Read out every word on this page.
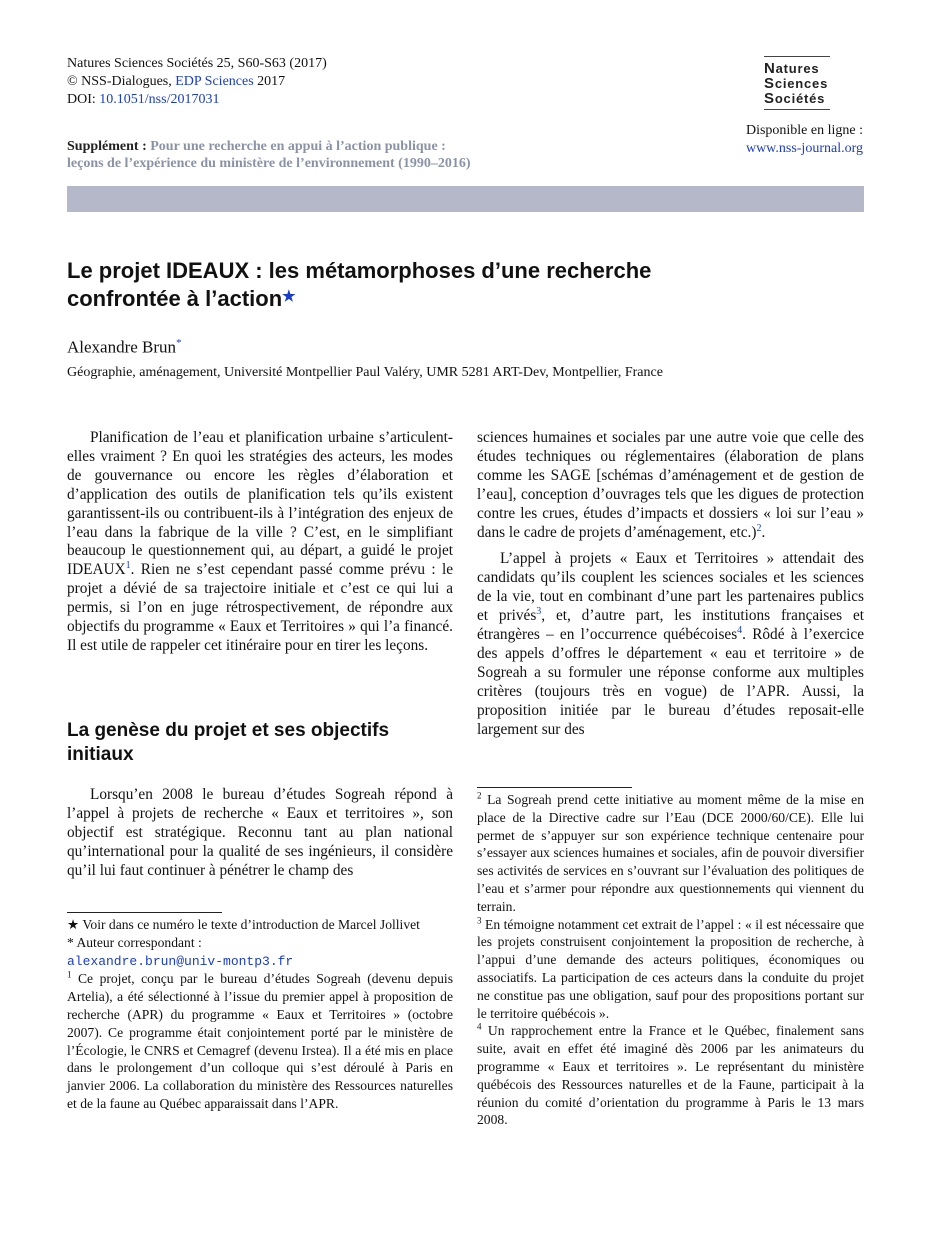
Natures Sciences Sociétés 25, S60-S63 (2017)
© NSS-Dialogues, EDP Sciences 2017
DOI: 10.1051/nss/2017031
Natures
Sciences
Sociétés
Disponible en ligne :
www.nss-journal.org
Supplément : Pour une recherche en appui à l’action publique :
leçons de l’expérience du ministère de l’environnement (1990–2016)
Le projet IDEAUX : les métamorphoses d’une recherche
confrontée à l’action★
Alexandre Brun*
Géographie, aménagement, Université Montpellier Paul Valéry, UMR 5281 ART-Dev, Montpellier, France

Planification de l’eau et planification urbaine s’articulent-elles vraiment ? En quoi les stratégies des acteurs, les modes de gouvernance ou encore les règles d’élaboration et d’application des outils de planification tels qu’ils existent garantissent-ils ou contribuent-ils à l’intégration des enjeux de l’eau dans la fabrique de la ville ? C’est, en le simplifiant beaucoup le questionnement qui, au départ, a guidé le projet IDEAUX$^1$. Rien ne s’est cependant passé comme prévu : le projet a dévié de sa trajectoire initiale et c’est ce qui lui a permis, si l’on en juge rétrospectivement, de répondre aux objectifs du programme « Eaux et Territoires » qui l’a financé. Il est utile de rappeler cet itinéraire pour en tirer les leçons.

La genèse du projet et ses objectifs initiaux

Lorsqu’en 2008 le bureau d’études Sogreah répond à l’appel à projets de recherche « Eaux et territoires », son objectif est stratégique. Reconnu tant au plan national qu’international pour la qualité de ses ingénieurs, il considère qu’il lui faut continuer à pénétrer le champ des

sciences humaines et sociales par une autre voie que celle des études techniques ou réglementaires (élaboration de plans comme les SAGE [schémas d’aménagement et de gestion de l’eau], conception d’ouvrages tels que les digues de protection contre les crues, études d’impacts et dossiers « loi sur l’eau » dans le cadre de projets d’aménagement, etc.)$^2$.

L’appel à projets « Eaux et Territoires » attendait des candidats qu’ils couplent les sciences sociales et les sciences de la vie, tout en combinant d’une part les partenaires publics et privés$^3$, et, d’autre part, les institutions françaises et étrangères – en l’occurrence québécoises$^4$. Rôdé à l’exercice des appels d’offres le département « eau et territoire » de Sogreah a su formuler une réponse conforme aux multiples critères (toujours très en vogue) de l’APR. Aussi, la proposition initiée par le bureau d’études reposait-elle largement sur des

★ Voir dans ce numéro le texte d’introduction de Marcel Jollivet

* Auteur correspondant :

alexandre.brun@univ-montp3.fr

$^1$ Ce projet, conçu par le bureau d’études Sogreah (devenu depuis Artelia), a été sélectionné à l’issue du premier appel à proposition de recherche (APR) du programme « Eaux et Territoires » (octobre 2007). Ce programme était conjointement porté par le ministère de l’Écologie, le CNRS et Cemagref (devenu Irstea). Il a été mis en place dans le prolongement d’un colloque qui s’est déroulé à Paris en janvier 2006. La collaboration du ministère des Ressources naturelles et de la faune au Québec apparaissait dans l’APR.

$^2$ La Sogreah prend cette initiative au moment même de la mise en place de la Directive cadre sur l’Eau (DCE 2000/60/CE). Elle lui permet de s’appuyer sur son expérience technique centenaire pour s’essayer aux sciences humaines et sociales, afin de pouvoir diversifier ses activités de services en s’ouvrant sur l’évaluation des politiques de l’eau et s’armer pour répondre aux questionnements qui viennent du terrain.

$^3$ En témoigne notamment cet extrait de l’appel : « il est nécessaire que les projets construisent conjointement la proposition de recherche, à l’appui d’une demande des acteurs politiques, économiques ou associatifs. La participation de ces acteurs dans la conduite du projet ne constitue pas une obligation, sauf pour des propositions portant sur le territoire québécois ».

$^4$ Un rapprochement entre la France et le Québec, finalement sans suite, avait en effet été imaginé dès 2006 par les animateurs du programme « Eaux et territoires ». Le représentant du ministère québécois des Ressources naturelles et de la Faune, participait à la réunion du comité d’orientation du programme à Paris le 13 mars 2008.
